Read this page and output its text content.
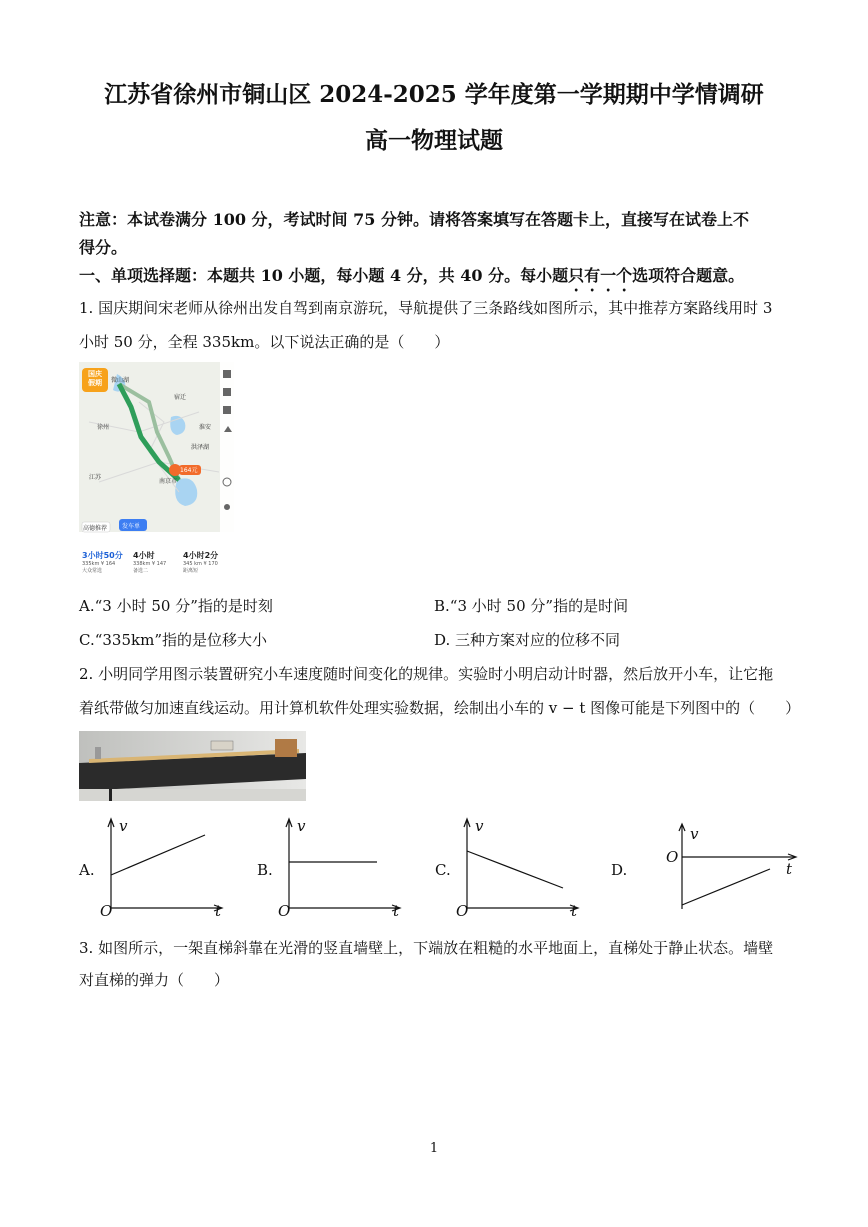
江苏省徐州市铜山区 2024-2025 学年度第一学期期中学情调研
高一物理试题
注意：本试卷满分 100 分，考试时间 75 分钟。请将答案填写在答题卡上，直接写在试卷上不
得分。
一、单项选择题：本题共 10 小题，每小题 4 分，共 40 分。每小题只有一个选项符合题意。
1. 国庆期间宋老师从徐州出发自驾到南京游玩，导航提供了三条路线如图所示，其中推荐方案路线用时 3
小时 50 分，全程 335km。以下说法正确的是（　　）
国庆
假期	微山湖
徐州
江苏
南京市
宿迁
洪泽湖
淮安
164元
高德推荐 发车单
3小时50分
335km ¥ 164
大众常选
4小时
338km ¥ 147
备选二
4小时2分
345 km ¥ 170
距离短
A.“3 小时 50 分”指的是时刻	B.“3 小时 50 分”指的是时间
C.“335km”指的是位移大小	D. 三种方案对应的位移不同
2. 小明同学用图示装置研究小车速度随时间变化的规律。实验时小明启动计时器，然后放开小车，让它拖
着纸带做匀加速直线运动。用计算机软件处理实验数据，绘制出小车的 v − t 图像可能是下列图中的（　　）
A.
v
t
O
B.
v
t
O
C.
v
t
O
D.
v
t
O
3. 如图所示，一架直梯斜靠在光滑的竖直墙壁上，下端放在粗糙的水平地面上，直梯处于静止状态。墙壁
对直梯的弹力（　　）
1
